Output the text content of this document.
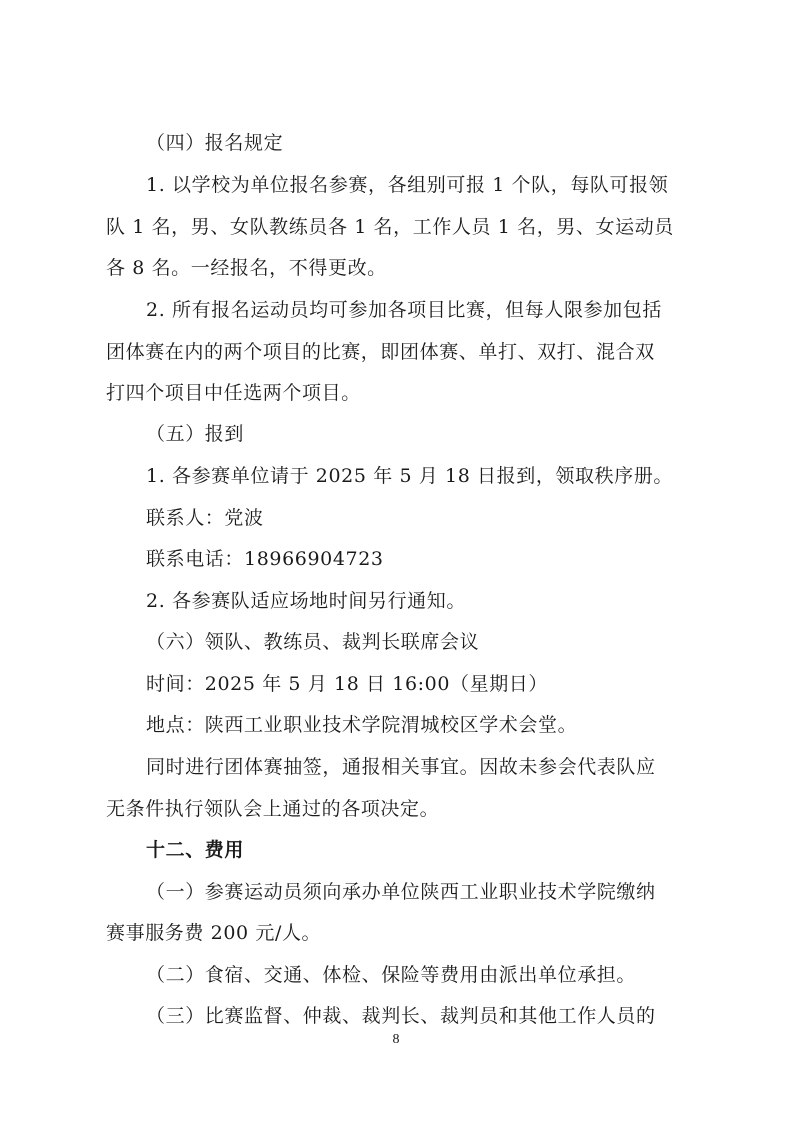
（四）报名规定
1. 以学校为单位报名参赛，各组别可报 1 个队，每队可报领
队 1 名，男、女队教练员各 1 名，工作人员 1 名，男、女运动员
各 8 名。一经报名，不得更改。
2. 所有报名运动员均可参加各项目比赛，但每人限参加包括
团体赛在内的两个项目的比赛，即团体赛、单打、双打、混合双
打四个项目中任选两个项目。
（五）报到
1. 各参赛单位请于 2025 年 5 月 18 日报到，领取秩序册。
联系人：党波
联系电话：18966904723
2. 各参赛队适应场地时间另行通知。
（六）领队、教练员、裁判长联席会议
时间：2025 年 5 月 18 日 16:00（星期日）
地点：陕西工业职业技术学院渭城校区学术会堂。
同时进行团体赛抽签，通报相关事宜。因故未参会代表队应
无条件执行领队会上通过的各项决定。
十二、费用
（一）参赛运动员须向承办单位陕西工业职业技术学院缴纳
赛事服务费 200 元/人。
（二）食宿、交通、体检、保险等费用由派出单位承担。
（三）比赛监督、仲裁、裁判长、裁判员和其他工作人员的
8
